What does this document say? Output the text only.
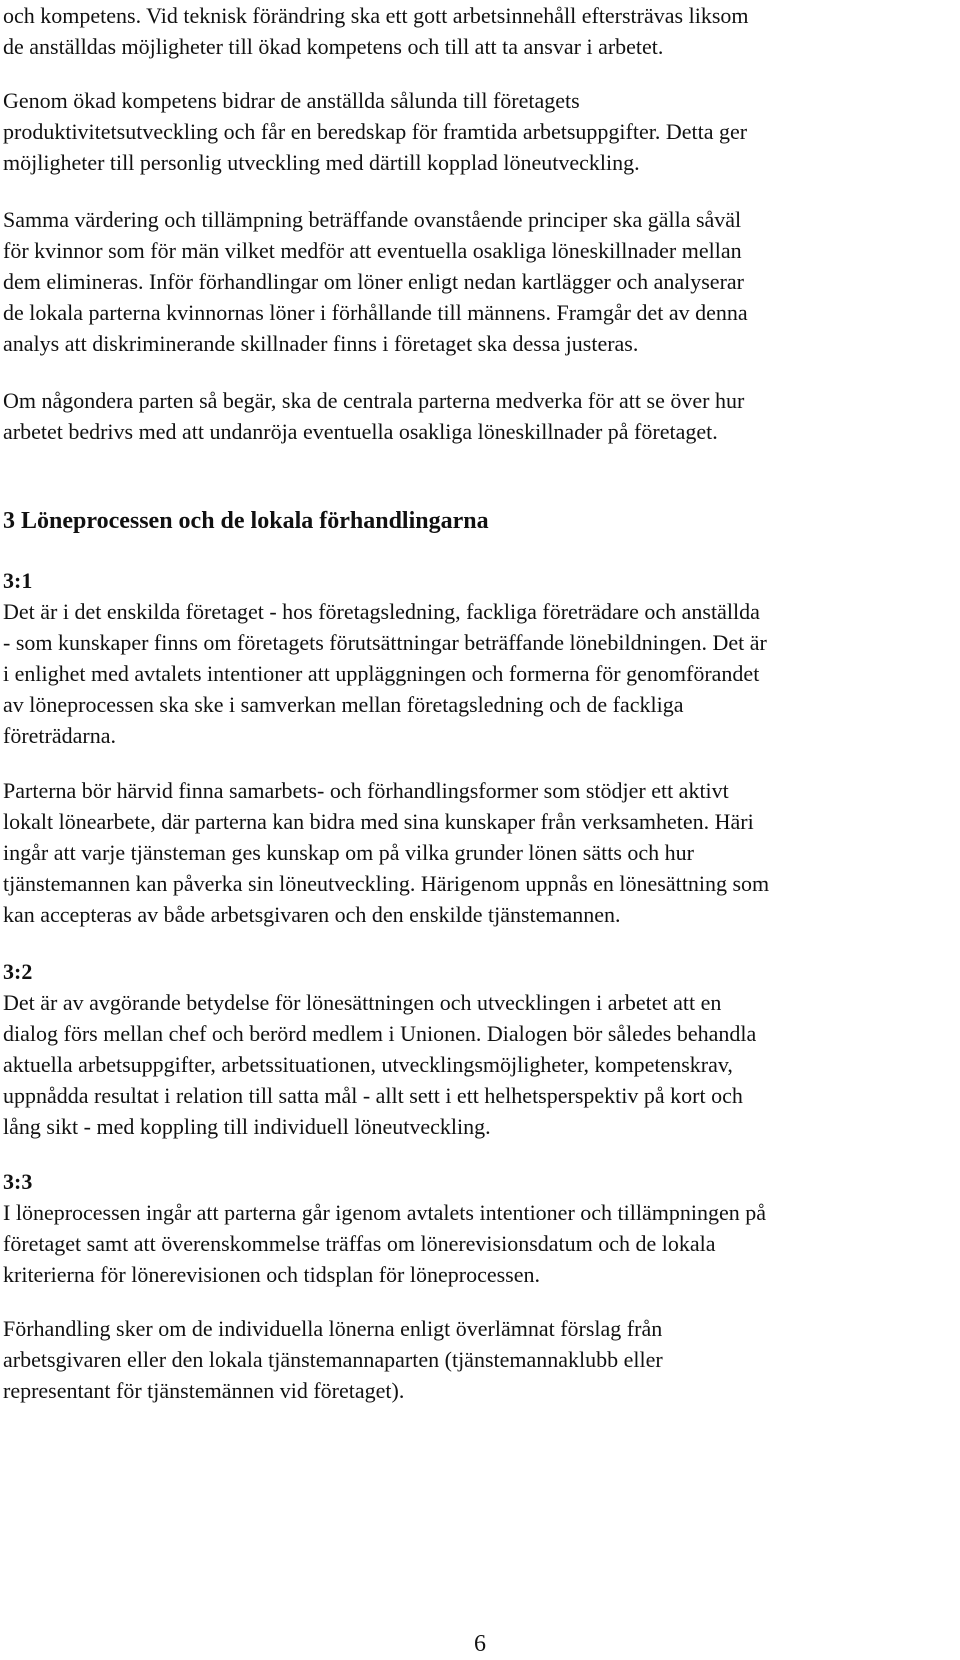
och kompetens. Vid teknisk förändring ska ett gott arbetsinnehåll eftersträvas liksom
de anställdas möjligheter till ökad kompetens och till att ta ansvar i arbetet.

Genom ökad kompetens bidrar de anställda sålunda till företagets
produktivitetsutveckling och får en beredskap för framtida arbetsuppgifter. Detta ger
möjligheter till personlig utveckling med därtill kopplad löneutveckling.

Samma värdering och tillämpning beträffande ovanstående principer ska gälla såväl
för kvinnor som för män vilket medför att eventuella osakliga löneskillnader mellan
dem elimineras. Inför förhandlingar om löner enligt nedan kartlägger och analyserar
de lokala parterna kvinnornas löner i förhållande till männens. Framgår det av denna
analys att diskriminerande skillnader finns i företaget ska dessa justeras.

Om någondera parten så begär, ska de centrala parterna medverka för att se över hur
arbetet bedrivs med att undanröja eventuella osakliga löneskillnader på företaget.

3 Löneprocessen och de lokala förhandlingarna

3:1
Det är i det enskilda företaget - hos företagsledning, fackliga företrädare och anställda
- som kunskaper finns om företagets förutsättningar beträffande lönebildningen. Det är
i enlighet med avtalets intentioner att uppläggningen och formerna för genomförandet
av löneprocessen ska ske i samverkan mellan företagsledning och de fackliga
företrädarna.

Parterna bör härvid finna samarbets- och förhandlingsformer som stödjer ett aktivt
lokalt lönearbete, där parterna kan bidra med sina kunskaper från verksamheten. Häri
ingår att varje tjänsteman ges kunskap om på vilka grunder lönen sätts och hur
tjänstemannen kan påverka sin löneutveckling. Härigenom uppnås en lönesättning som
kan accepteras av både arbetsgivaren och den enskilde tjänstemannen.

3:2
Det är av avgörande betydelse för lönesättningen och utvecklingen i arbetet att en
dialog förs mellan chef och berörd medlem i Unionen. Dialogen bör således behandla
aktuella arbetsuppgifter, arbetssituationen, utvecklingsmöjligheter, kompetenskrav,
uppnådda resultat i relation till satta mål - allt sett i ett helhetsperspektiv på kort och
lång sikt - med koppling till individuell löneutveckling.

3:3
I löneprocessen ingår att parterna går igenom avtalets intentioner och tillämpningen på
företaget samt att överenskommelse träffas om lönerevisionsdatum och de lokala
kriterierna för lönerevisionen och tidsplan för löneprocessen.

Förhandling sker om de individuella lönerna enligt överlämnat förslag från
arbetsgivaren eller den lokala tjänstemannaparten (tjänstemannaklubb eller
representant för tjänstemännen vid företaget).

6
